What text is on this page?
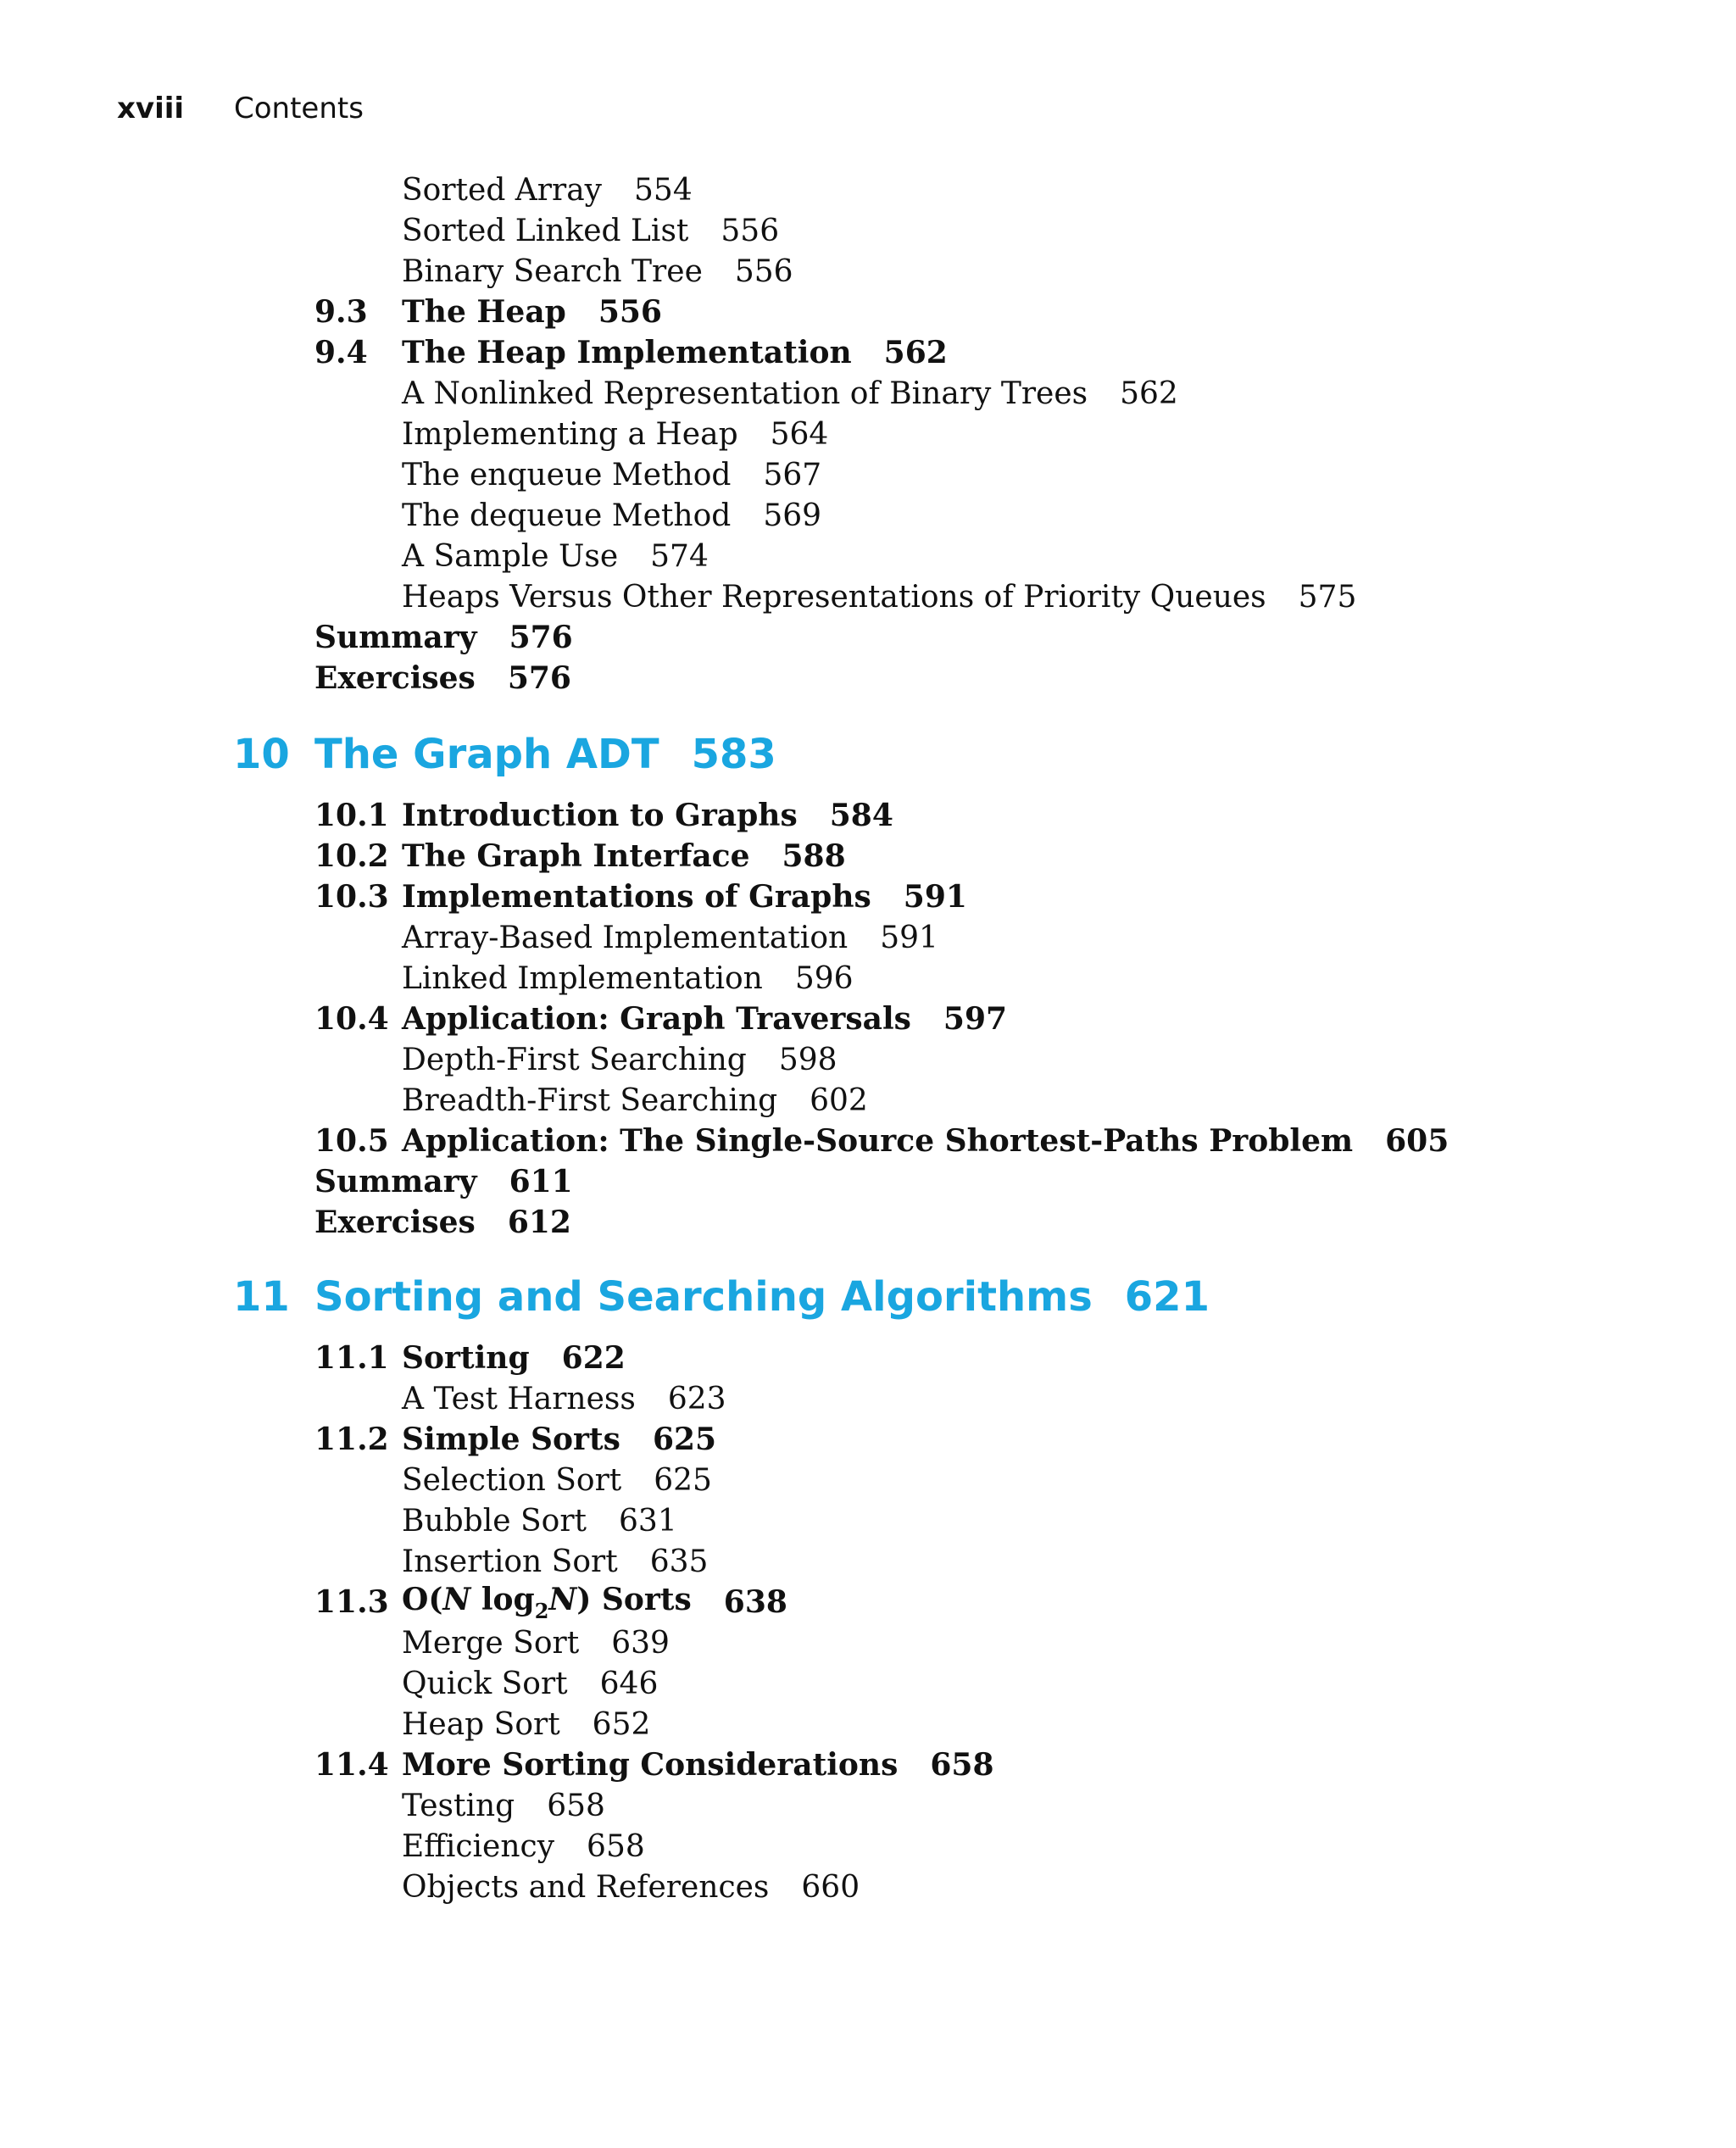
xviii	Contents
Sorted Array 554
Sorted Linked List 556
Binary Search Tree 556
9.3	The Heap 556
9.4	The Heap Implementation 562
A Nonlinked Representation of Binary Trees 562
Implementing a Heap 564
The enqueue Method 567
The dequeue Method 569
A Sample Use 574
Heaps Versus Other Representations of Priority Queues 575
Summary 576
Exercises 576
10 The Graph ADT 583
10.1 Introduction to Graphs 584
10.2 The Graph Interface 588
10.3 Implementations of Graphs 591
Array-Based Implementation 591
Linked Implementation 596
10.4 Application: Graph Traversals 597
Depth-First Searching 598
Breadth-First Searching 602
10.5 Application: The Single-Source Shortest-Paths Problem 605
Summary 611
Exercises 612
11 Sorting and Searching Algorithms 621
11.1 Sorting 622
A Test Harness 623
11.2 Simple Sorts 625
Selection Sort 625
Bubble Sort 631
Insertion Sort 635
11.3 O(N $\log_2N$) Sorts 638
Merge Sort 639
Quick Sort 646
Heap Sort 652
11.4 More Sorting Considerations 658
Testing 658
Efficiency 658
Objects and References 660
